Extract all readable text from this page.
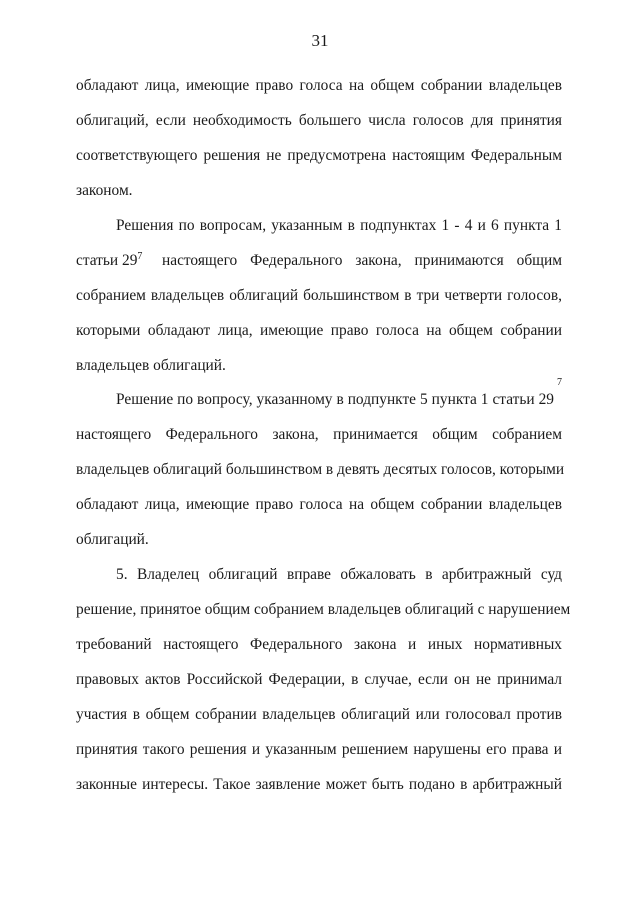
31
обладают лица, имеющие право голоса на общем собрании владельцев
облигаций, если необходимость большего числа голосов для принятия
соответствующего решения не предусмотрена настоящим Федеральным
законом.
Решения по вопросам, указанным в подпунктах 1 - 4 и 6 пункта 1
статьи $29^7$ настоящего Федерального закона, принимаются общим
собранием владельцев облигаций большинством в три четверти голосов,
которыми обладают лица, имеющие право голоса на общем собрании
владельцев облигаций.
Решение по вопросу, указанному в подпункте 5 пункта 1 статьи 29
7
настоящего Федерального закона, принимается общим собранием
владельцев облигаций большинством в девять десятых голосов, которыми
обладают лица, имеющие право голоса на общем собрании владельцев
облигаций.
5. Владелец облигаций вправе обжаловать в арбитражный суд
решение, принятое общим собранием владельцев облигаций с нарушением
требований настоящего Федерального закона и иных нормативных
правовых актов Российской Федерации, в случае, если он не принимал
участия в общем собрании владельцев облигаций или голосовал против
принятия такого решения и указанным решением нарушены его права и
законные интересы. Такое заявление может быть подано в арбитражный
